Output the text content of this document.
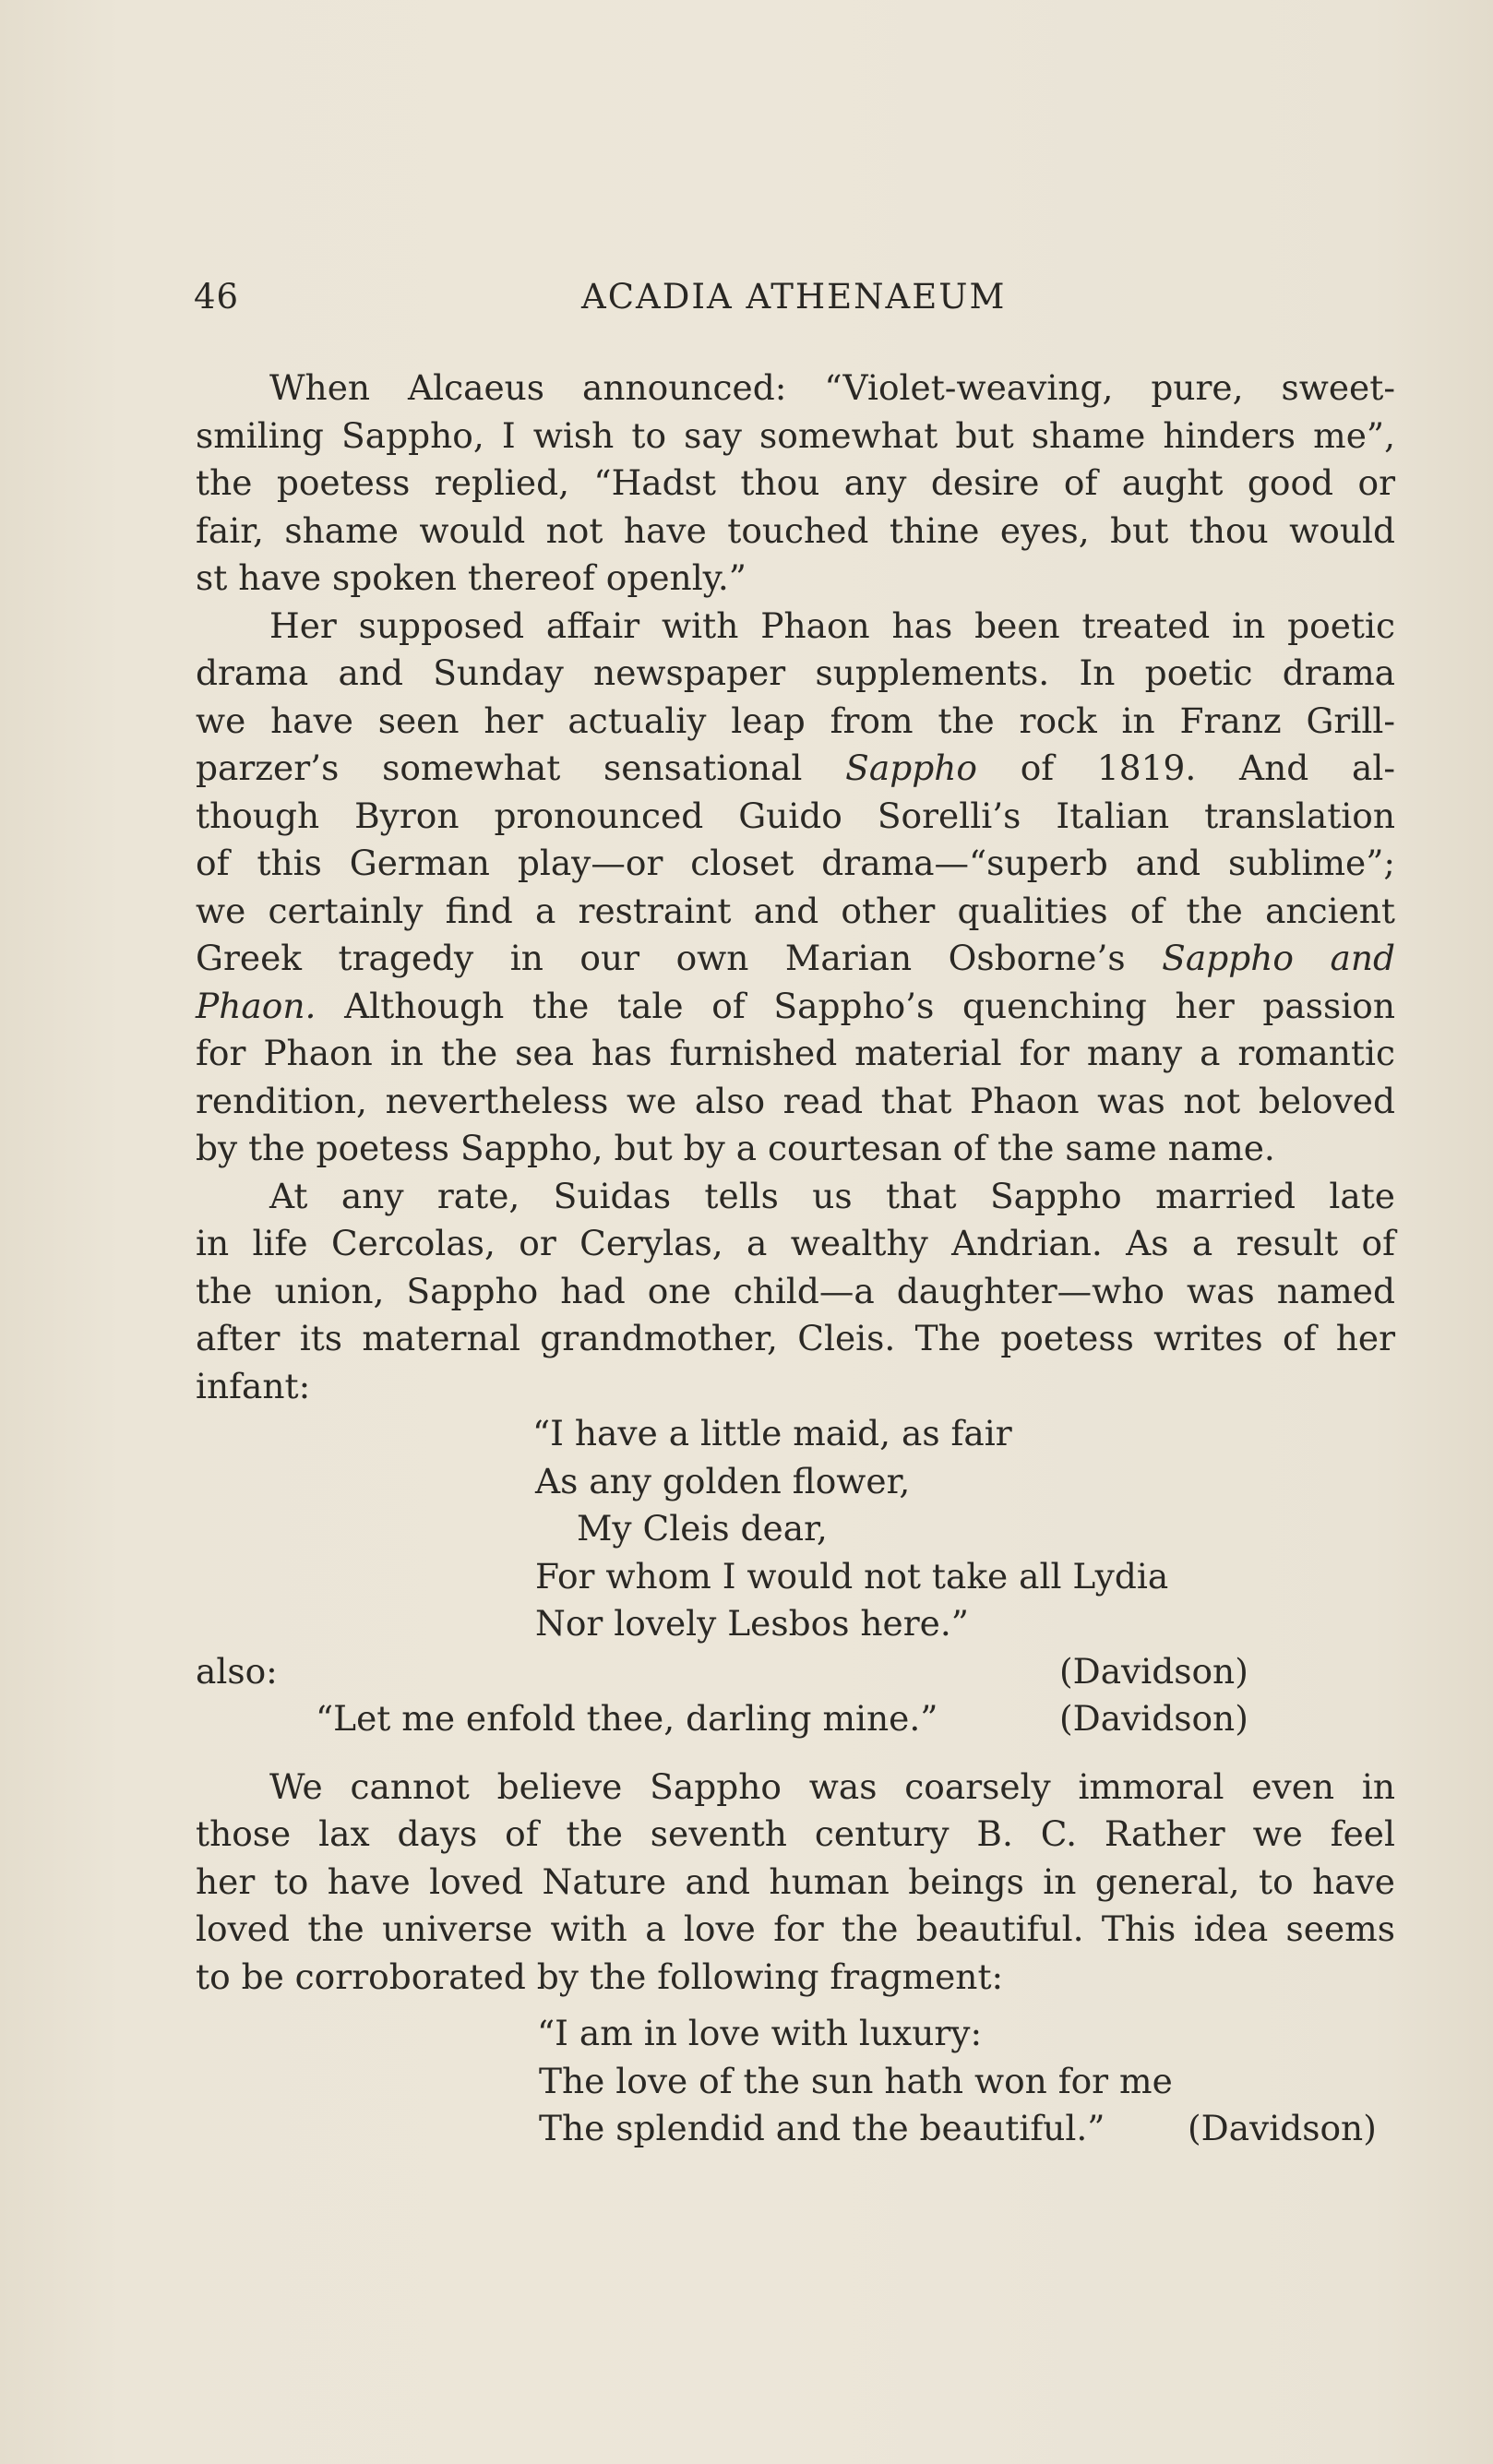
46	ACADIA ATHENAEUM
When Alcaeus announced: “Violet-weaving, pure, sweet-
smiling Sappho, I wish to say somewhat but shame hinders me”,
the poetess replied, “Hadst thou any desire of aught good or
fair, shame would not have touched thine eyes, but thou would
st have spoken thereof openly.”
Her supposed affair with Phaon has been treated in poetic
drama and Sunday newspaper supplements. In poetic drama
we have seen her actualiy leap from the rock in Franz Grill-
parzer’s somewhat sensational Sappho of 1819. And al-
though Byron pronounced Guido Sorelli’s Italian translation
of this German play—or closet drama—“superb and sublime”;
we certainly find a restraint and other qualities of the ancient
Greek tragedy in our own Marian Osborne’s Sappho and
Phaon. Although the tale of Sappho’s quenching her passion
for Phaon in the sea has furnished material for many a romantic
rendition, nevertheless we also read that Phaon was not beloved
by the poetess Sappho, but by a courtesan of the same name.
At any rate, Suidas tells us that Sappho married late
in life Cercolas, or Cerylas, a wealthy Andrian. As a result of
the union, Sappho had one child—a daughter—who was named
after its maternal grandmother, Cleis. The poetess writes of her
infant:
“I have a little maid, as fair
As any golden flower,
My Cleis dear,
For whom I would not take all Lydia
Nor lovely Lesbos here.”
also:	(Davidson)
“Let me enfold thee, darling mine.”	(Davidson)
We cannot believe Sappho was coarsely immoral even in
those lax days of the seventh century B. C. Rather we feel
her to have loved Nature and human beings in general, to have
loved the universe with a love for the beautiful. This idea seems
to be corroborated by the following fragment:
“I am in love with luxury:
The love of the sun hath won for me
The splendid and the beautiful.” (Davidson)
